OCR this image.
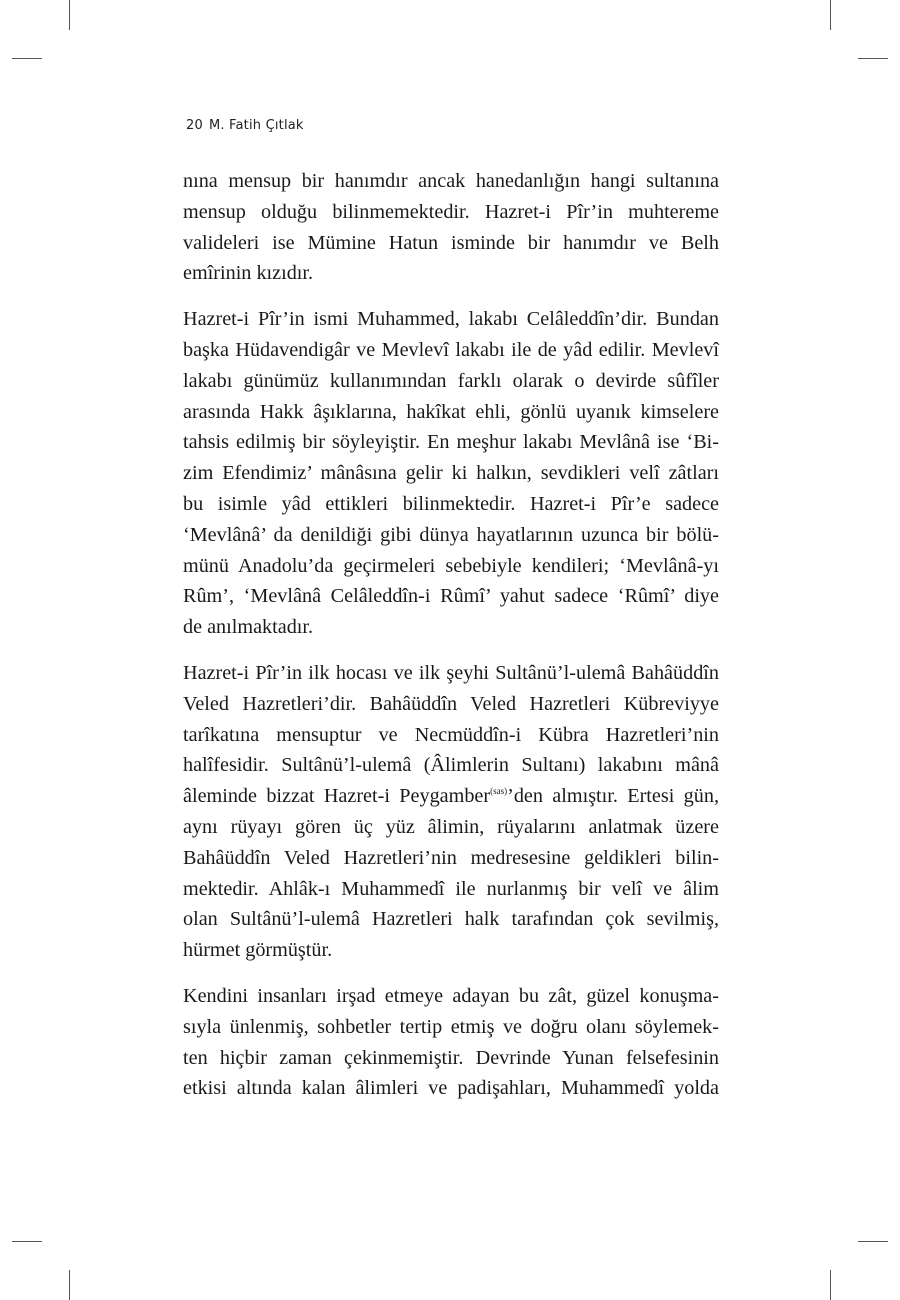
20 M. Fatih Çıtlak

nına mensup bir hanımdır ancak hanedanlığın hangi sultanına
mensup olduğu bilinmemektedir. Hazret-i Pîr’in muhtereme
valideleri ise Mümine Hatun isminde bir hanımdır ve Belh
emîrinin kızıdır.

Hazret-i Pîr’in ismi Muhammed, lakabı Celâleddîn’dir. Bundan
başka Hüdavendigâr ve Mevlevî lakabı ile de yâd edilir. Mevlevî
lakabı günümüz kullanımından farklı olarak o devirde sûfîler
arasında Hakk âşıklarına, hakîkat ehli, gönlü uyanık kimselere
tahsis edilmiş bir söyleyiştir. En meşhur lakabı Mevlânâ ise ‘Bi-
zim Efendimiz’ mânâsına gelir ki halkın, sevdikleri velî zâtları
bu isimle yâd ettikleri bilinmektedir. Hazret-i Pîr’e sadece
‘Mevlânâ’ da denildiği gibi dünya hayatlarının uzunca bir bölü-
münü Anadolu’da geçirmeleri sebebiyle kendileri; ‘Mevlânâ-yı
Rûm’, ‘Mevlânâ Celâleddîn-i Rûmî’ yahut sadece ‘Rûmî’ diye
de anılmaktadır.

Hazret-i Pîr’in ilk hocası ve ilk şeyhi Sultânü’l-ulemâ Bahâüddîn
Veled Hazretleri’dir. Bahâüddîn Veled Hazretleri Kübreviyye
tarîkatına mensuptur ve Necmüddîn-i Kübra Hazretleri’nin
halîfesidir. Sultânü’l-ulemâ (Âlimlerin Sultanı) lakabını mânâ
âleminde bizzat Hazret-i Peygamber$^{(sas)}$’den almıştır. Ertesi gün,
aynı rüyayı gören üç yüz âlimin, rüyalarını anlatmak üzere
Bahâüddîn Veled Hazretleri’nin medresesine geldikleri bilin-
mektedir. Ahlâk-ı Muhammedî ile nurlanmış bir velî ve âlim
olan Sultânü’l-ulemâ Hazretleri halk tarafından çok sevilmiş,
hürmet görmüştür.

Kendini insanları irşad etmeye adayan bu zât, güzel konuşma-
sıyla ünlenmiş, sohbetler tertip etmiş ve doğru olanı söylemek-
ten hiçbir zaman çekinmemiştir. Devrinde Yunan felsefesinin
etkisi altında kalan âlimleri ve padişahları, Muhammedî yolda
